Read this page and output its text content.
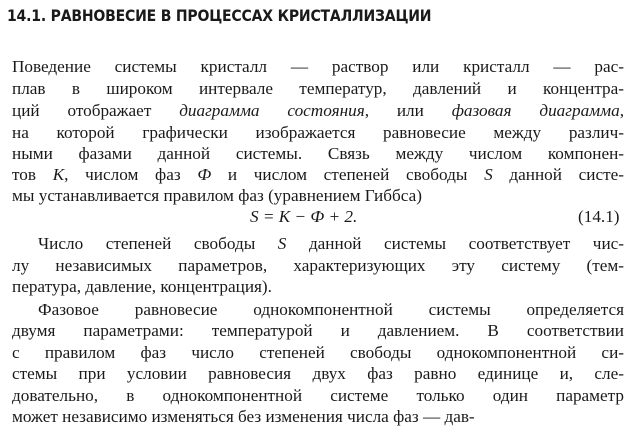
14.1. РАВНОВЕСИЕ В ПРОЦЕССАХ КРИСТАЛЛИЗАЦИИ
Поведение системы кристалл — раствор или кристалл — рас-
плав в широком интервале температур, давлений и концентра-
ций отображает диаграмма состояния, или фазовая диаграмма,
на которой графически изображается равновесие между различ-
ными фазами данной системы. Связь между числом компонен-
тов К, числом фаз Ф и числом степеней свободы S данной систе-
мы устанавливается правилом фаз (уравнением Гиббса)
S = К − Ф + 2.	(14.1)
Число степеней свободы S данной системы соответствует чис-
лу независимых параметров, характеризующих эту систему (тем-
пература, давление, концентрация).
Фазовое равновесие однокомпонентной системы определяется
двумя параметрами: температурой и давлением. В соответствии
с правилом фаз число степеней свободы однокомпонентной си-
стемы при условии равновесия двух фаз равно единице и, сле-
довательно, в однокомпонентной системе только один параметр
может независимо изменяться без изменения числа фаз — дав-
